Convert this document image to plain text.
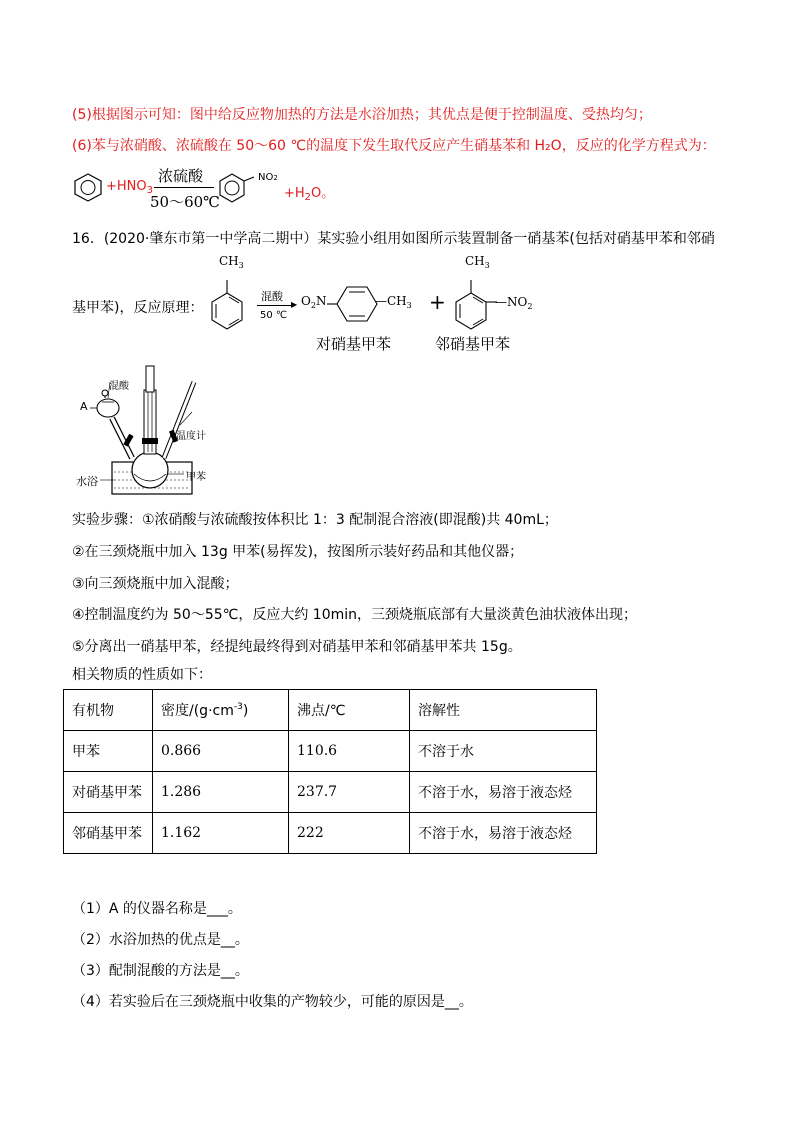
(5)根据图示可知：图中给反应物加热的方法是水浴加热；其优点是便于控制温度、受热均匀；
(6)苯与浓硝酸、浓硫酸在 50～60 ℃的温度下发生取代反应产生硝基苯和 H₂O，反应的化学方程式为：
$+HNO_3$
浓硫酸
50～60℃
NO2
$+H_2O$。
16．(2020·肇东市第一中学高二期中）某实验小组用如图所示装置制备一硝基苯(包括对硝基甲苯和邻硝
基甲苯)，反应原理：
$CH_3$
混酸
▶
50 ℃
$O_2N$	$—CH_3$ +
$CH_3$
$—NO_2$
对硝基甲苯	邻硝基甲苯
混酸
A
温度计
水浴	甲苯
实验步骤：①浓硝酸与浓硫酸按体积比 1：3 配制混合溶液(即混酸)共 40mL；
②在三颈烧瓶中加入 13g 甲苯(易挥发)，按图所示装好药品和其他仪器；
③向三颈烧瓶中加入混酸；
④控制温度约为 50～55℃，反应大约 10min，三颈烧瓶底部有大量淡黄色油状液体出现；
⑤分离出一硝基甲苯，经提纯最终得到对硝基甲苯和邻硝基甲苯共 15g。
相关物质的性质如下：
有机物	密度$/(g\cdot cm^{-3})$	沸点/℃	溶解性
甲苯	0.866	110.6	不溶于水
对硝基甲苯	1.286	237.7	不溶于水，易溶于液态烃
邻硝基甲苯	1.162	222	不溶于水，易溶于液态烃
（1）A 的仪器名称是___。
（2）水浴加热的优点是__。
（3）配制混酸的方法是__。
（4）若实验后在三颈烧瓶中收集的产物较少，可能的原因是__。
